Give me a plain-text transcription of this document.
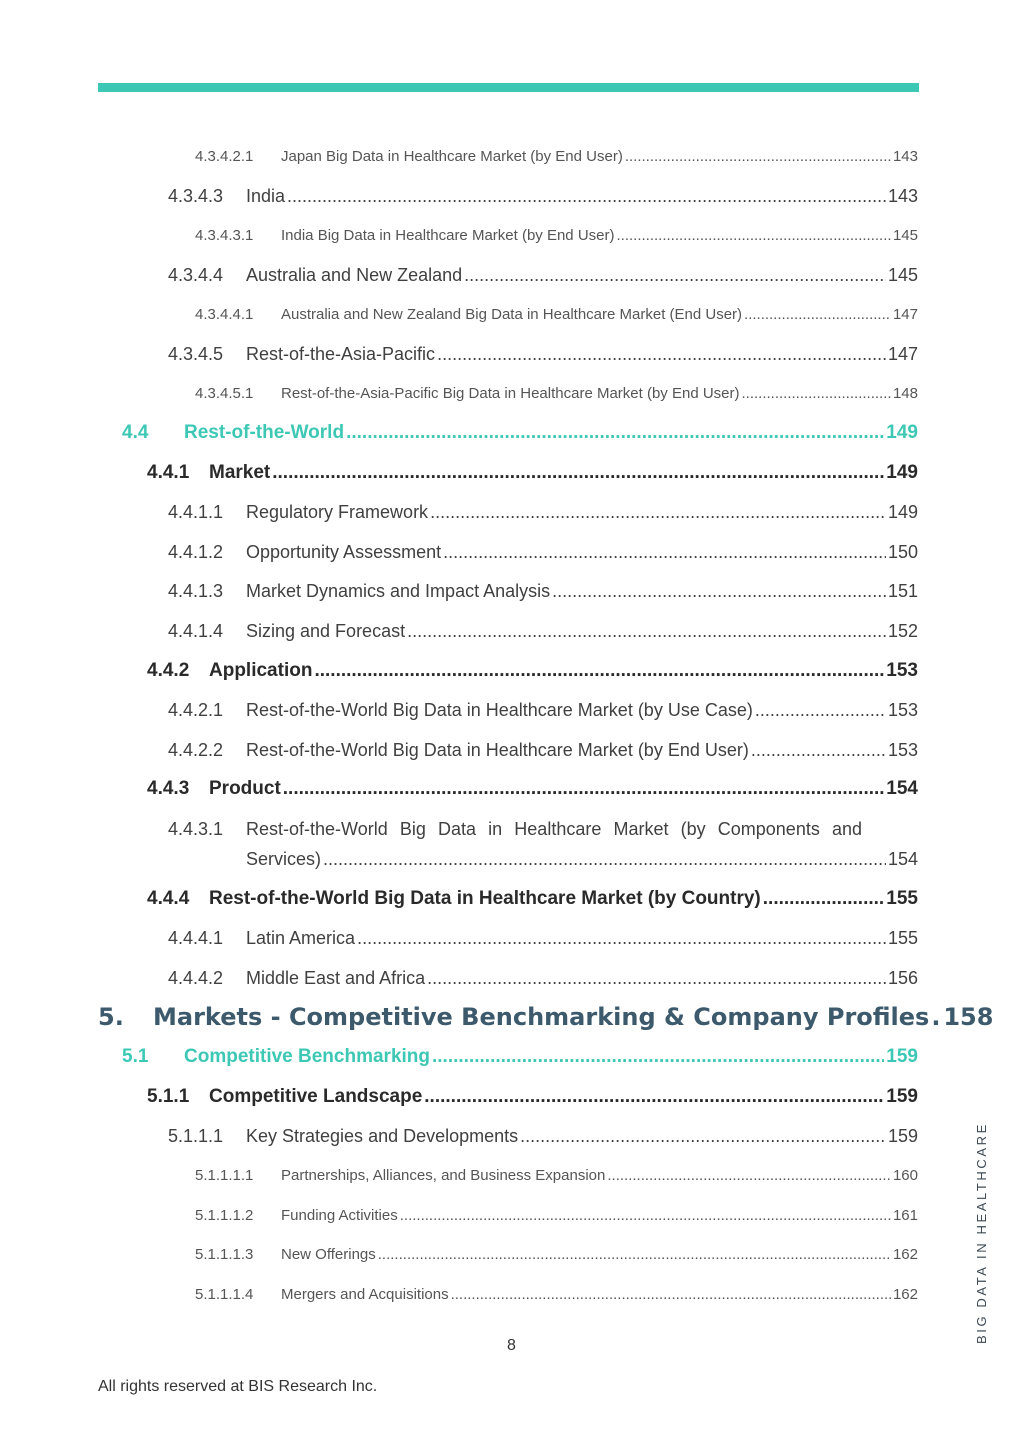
4.3.4.2.1	Japan Big Data in Healthcare Market (by End User) .....	143
4.3.4.3	India .....	143
4.3.4.3.1	India Big Data in Healthcare Market (by End User) .....	145
4.3.4.4	Australia and New Zealand .....	145
4.3.4.4.1	Australia and New Zealand Big Data in Healthcare Market (End User) .....	147
4.3.4.5	Rest-of-the-Asia-Pacific .....	147
4.3.4.5.1	Rest-of-the-Asia-Pacific Big Data in Healthcare Market (by End User) .....	148
4.4	Rest-of-the-World .....	149
4.4.1	Market .....	149
4.4.1.1	Regulatory Framework .....	149
4.4.1.2	Opportunity Assessment .....	150
4.4.1.3	Market Dynamics and Impact Analysis .....	151
4.4.1.4	Sizing and Forecast .....	152
4.4.2	Application .....	153
4.4.2.1	Rest-of-the-World Big Data in Healthcare Market (by Use Case) .....	153
4.4.2.2	Rest-of-the-World Big Data in Healthcare Market (by End User) .....	153
4.4.3	Product .....	154
4.4.3.1	Rest-of-the-World Big Data in Healthcare Market (by Components and
Services) .....	154
4.4.4	Rest-of-the-World Big Data in Healthcare Market (by Country) .....	155
4.4.4.1	Latin America .....	155
4.4.4.2	Middle East and Africa .....	156
5.	Markets - Competitive Benchmarking & Company Profiles ..... 158
5.1	Competitive Benchmarking .....	159
5.1.1	Competitive Landscape .....	159
5.1.1.1	Key Strategies and Developments .....	159
5.1.1.1.1	Partnerships, Alliances, and Business Expansion .....	160
5.1.1.1.2	Funding Activities .....	161
5.1.1.1.3	New Offerings .....	162
5.1.1.1.4	Mergers and Acquisitions .....	162
8
All rights reserved at BIS Research Inc.
BIG DATA IN HEALTHCARE
